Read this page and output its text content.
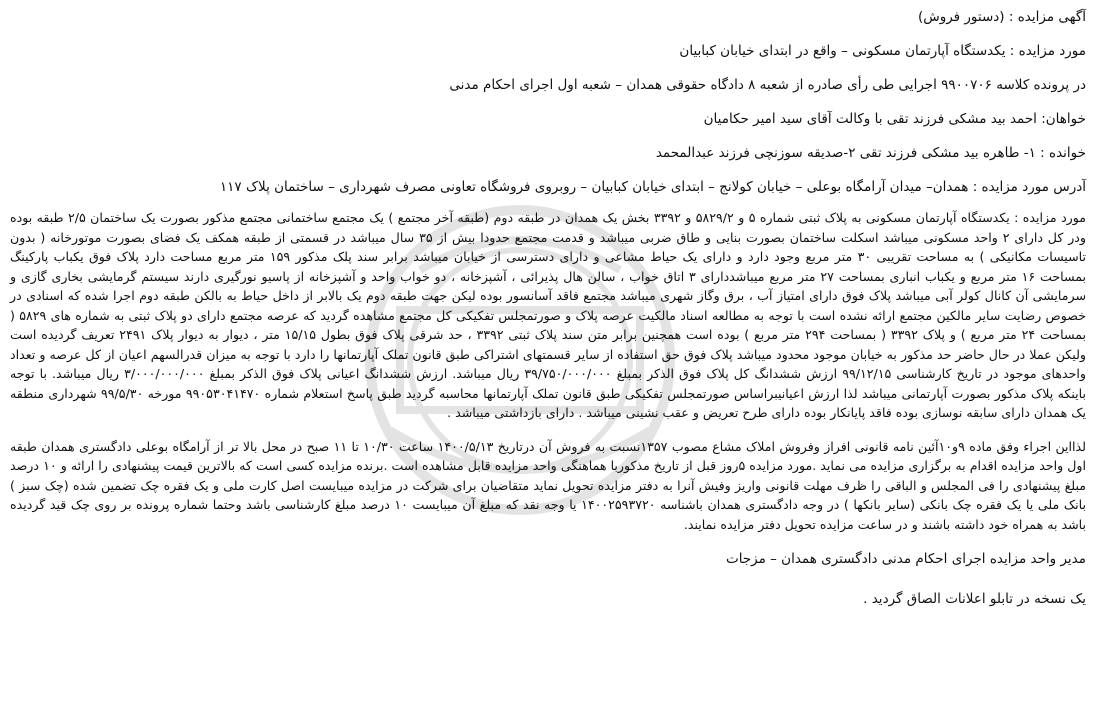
آگهی مزایده : (دستور فروش)

مورد مزایده : یکدستگاه آپارتمان مسکونی – واقع در ابتدای خیابان کبابیان

در پرونده کلاسه ۹۹۰۰۷۰۶ اجرایی طی رأی صادره از شعبه ۸ دادگاه حقوقی همدان – شعبه اول اجرای احکام مدنی

خواهان: احمد بید مشکی فرزند تقی با وکالت آقای سید امیر حکامیان

خوانده : ۱- طاهره بید مشکی فرزند تقی ۲-صدیقه سوزنچی فرزند عبدالمحمد

آدرس مورد مزایده : همدان– میدان آرامگاه بوعلی – خیابان کولانج – ابتدای خیابان کبابیان – روبروی فروشگاه تعاونی مصرف شهرداری – ساختمان پلاک ۱۱۷

مورد مزایده : یکدستگاه آپارتمان مسکونی به پلاک ثبتی شماره ۵ و ۵۸۲۹/۲ و ۳۳۹۲ بخش یک همدان در طبقه دوم (طبقه آخر مجتمع ) یک مجتمع ساختمانی مجتمع مذکور بصورت یک ساختمان ۲/۵ طبقه بوده ودر کل دارای ۲ واحد مسکونی میباشد اسکلت ساختمان بصورت بنایی و طاق ضربی میباشد و قدمت مجتمع حدودا بیش از ۳۵ سال میباشد در قسمتی از طبقه همکف یک فضای بصورت موتورخانه ( بدون تاسیسات مکانیکی ) به مساحت تقریبی ۳۰ متر مربع وجود دارد و دارای یک حیاط مشاعی و دارای دسترسی از خیابان میباشد برابر سند پلک مذکور ۱۵۹ متر مربع مساحت دارد پلاک فوق یکباب پارکینگ بمساحت ۱۶ متر مربع و یکباب انباری بمساحت ۲۷ متر مربع میباشددارای ۳ اتاق خواب ، سالن هال پذیرائی ، آشپزخانه ، دو خواب واحد و آشپزخانه از پاسیو نورگیری دارند سیستم گرمایشی بخاری گازی و سرمایشی آن کانال کولر آبی میباشد پلاک فوق دارای امتیاز آب ، برق وگاز شهری میباشد مجتمع فاقد آسانسور بوده لیکن جهت طبقه دوم یک بالابر از داخل حیاط به بالکن طبقه دوم اجرا شده که اسنادی در خصوص رضایت سایر مالکین مجتمع ارائه نشده است با توجه به مطالعه اسناد مالکیت عرصه پلاک و صورتمجلس تفکیکی کل مجتمع مشاهده گردید که عرصه مجتمع دارای دو پلاک ثبتی به شماره های ۵۸۲۹ ( بمساحت ۲۴ متر مربع ) و پلاک ۳۳۹۲ ( بمساحت ۲۹۴ متر مربع ) بوده است همچنین برابر متن سند پلاک ثبتی ۳۳۹۲ ، حد شرقی پلاک فوق بطول ۱۵/۱۵ متر ، دیوار به دیوار پلاک ۲۴۹۱ تعریف گردیده است ولیکن عملا در حال حاضر حد مذکور به خیابان موجود محدود میباشد پلاک فوق حق استفاده از سایر قسمتهای اشتراکی طبق قانون تملک آپارتمانها را دارد با توجه به میزان قدرالسهم اعیان از کل عرصه و تعداد واحدهای موجود در تاریخ کارشناسی ۹۹/۱۲/۱۵ ارزش ششدانگ کل پلاک فوق الذکر بمبلغ ۳۹/۷۵۰/۰۰۰/۰۰۰ ریال میباشد. ارزش ششدانگ اعیانی پلاک فوق الذکر بمبلغ ۳/۰۰۰/۰۰۰/۰۰۰ ریال میباشد. با توجه باینکه پلاک مذکور بصورت آپارتمانی میباشد لذا ارزش اعیانیبراساس صورتمجلس تفکیکی طبق قانون تملک آپارتمانها محاسبه گردید طبق پاسخ استعلام شماره ۹۹۰۵۳۰۴۱۴۷۰ مورخه ۹۹/۵/۳۰ شهرداری منطقه یک همدان دارای سابقه نوسازی بوده فاقد پایانکار بوده دارای طرح تعریض و عقب نشینی میباشد . دارای بازداشتی میباشد .

لذااین اجراء وفق ماده ۹و۱۰آئین نامه قانونی افراز وفروش املاک مشاع مصوب ۱۳۵۷نسبت به فروش آن درتاریخ ۱۴۰۰/۵/۱۳ ساعت ۱۰/۳۰ تا ۱۱ صبح در محل بالا تر از آرامگاه بوعلی دادگستری همدان طبقه اول واحد مزایده اقدام به برگزاری مزایده می نماید .مورد مزایده ۵روز قبل از تاریخ مذکوربا هماهنگی واحد مزایده قابل مشاهده است .برنده مزایده کسی است که بالاترین قیمت پیشنهادی را ارائه و ۱۰ درصد مبلغ پیشنهادی را فی المجلس و الباقی را ظرف مهلت قانونی واریز وفیش آنرا به دفتر مزایده تحویل نماید متقاضیان برای شرکت در مزایده میبایست اصل کارت ملی و یک فقره چک تضمین شده (چک سبز ) بانک ملی یا یک فقره چک بانکی (سایر بانکها ) در وجه دادگستری همدان باشناسه ۱۴۰۰۲۵۹۳۷۲۰ یا وجه نقد که مبلغ آن میبایست ۱۰ درصد مبلغ کارشناسی باشد وحتما شماره پرونده بر روی چک قید گردیده باشد به همراه خود داشته باشند و در ساعت مزایده تحویل دفتر مزایده نمایند.

مدیر واحد مزایده اجرای احکام مدنی دادگستری همدان – مزجات

یک نسخه در تابلو اعلانات الصاق گردید .
